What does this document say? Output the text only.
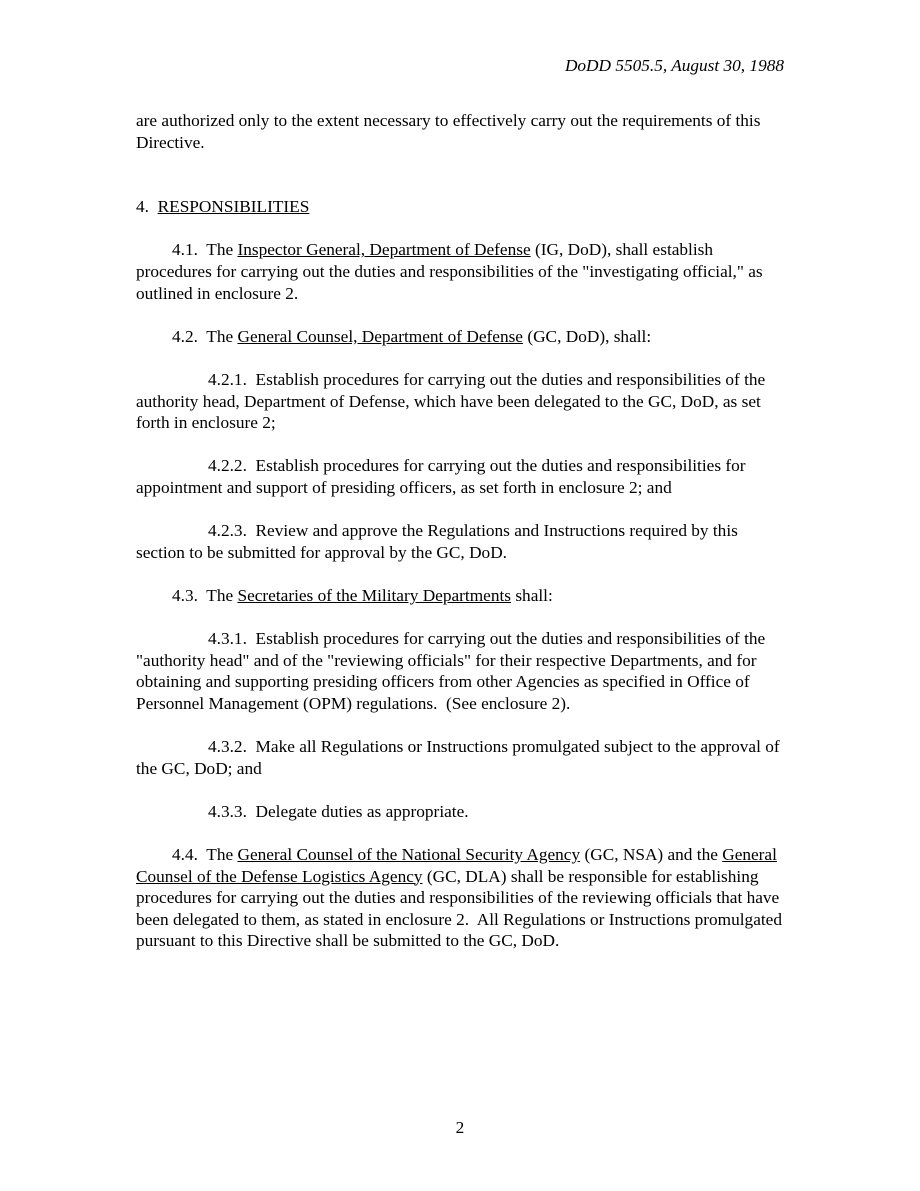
DoDD 5505.5, August 30, 1988

are authorized only to the extent necessary to effectively carry out the requirements of this Directive.

4. RESPONSIBILITIES

4.1. The Inspector General, Department of Defense (IG, DoD), shall establish procedures for carrying out the duties and responsibilities of the "investigating official," as outlined in enclosure 2.

4.2. The General Counsel, Department of Defense (GC, DoD), shall:

4.2.1. Establish procedures for carrying out the duties and responsibilities of the authority head, Department of Defense, which have been delegated to the GC, DoD, as set forth in enclosure 2;

4.2.2. Establish procedures for carrying out the duties and responsibilities for appointment and support of presiding officers, as set forth in enclosure 2; and

4.2.3. Review and approve the Regulations and Instructions required by this section to be submitted for approval by the GC, DoD.

4.3. The Secretaries of the Military Departments shall:

4.3.1. Establish procedures for carrying out the duties and responsibilities of the "authority head" and of the "reviewing officials" for their respective Departments, and for obtaining and supporting presiding officers from other Agencies as specified in Office of Personnel Management (OPM) regulations.  (See enclosure 2).

4.3.2. Make all Regulations or Instructions promulgated subject to the approval of the GC, DoD; and

4.3.3. Delegate duties as appropriate.

4.4. The General Counsel of the National Security Agency (GC, NSA) and the General Counsel of the Defense Logistics Agency (GC, DLA) shall be responsible for establishing procedures for carrying out the duties and responsibilities of the reviewing officials that have been delegated to them, as stated in enclosure 2.  All Regulations or Instructions promulgated pursuant to this Directive shall be submitted to the GC, DoD.

2
